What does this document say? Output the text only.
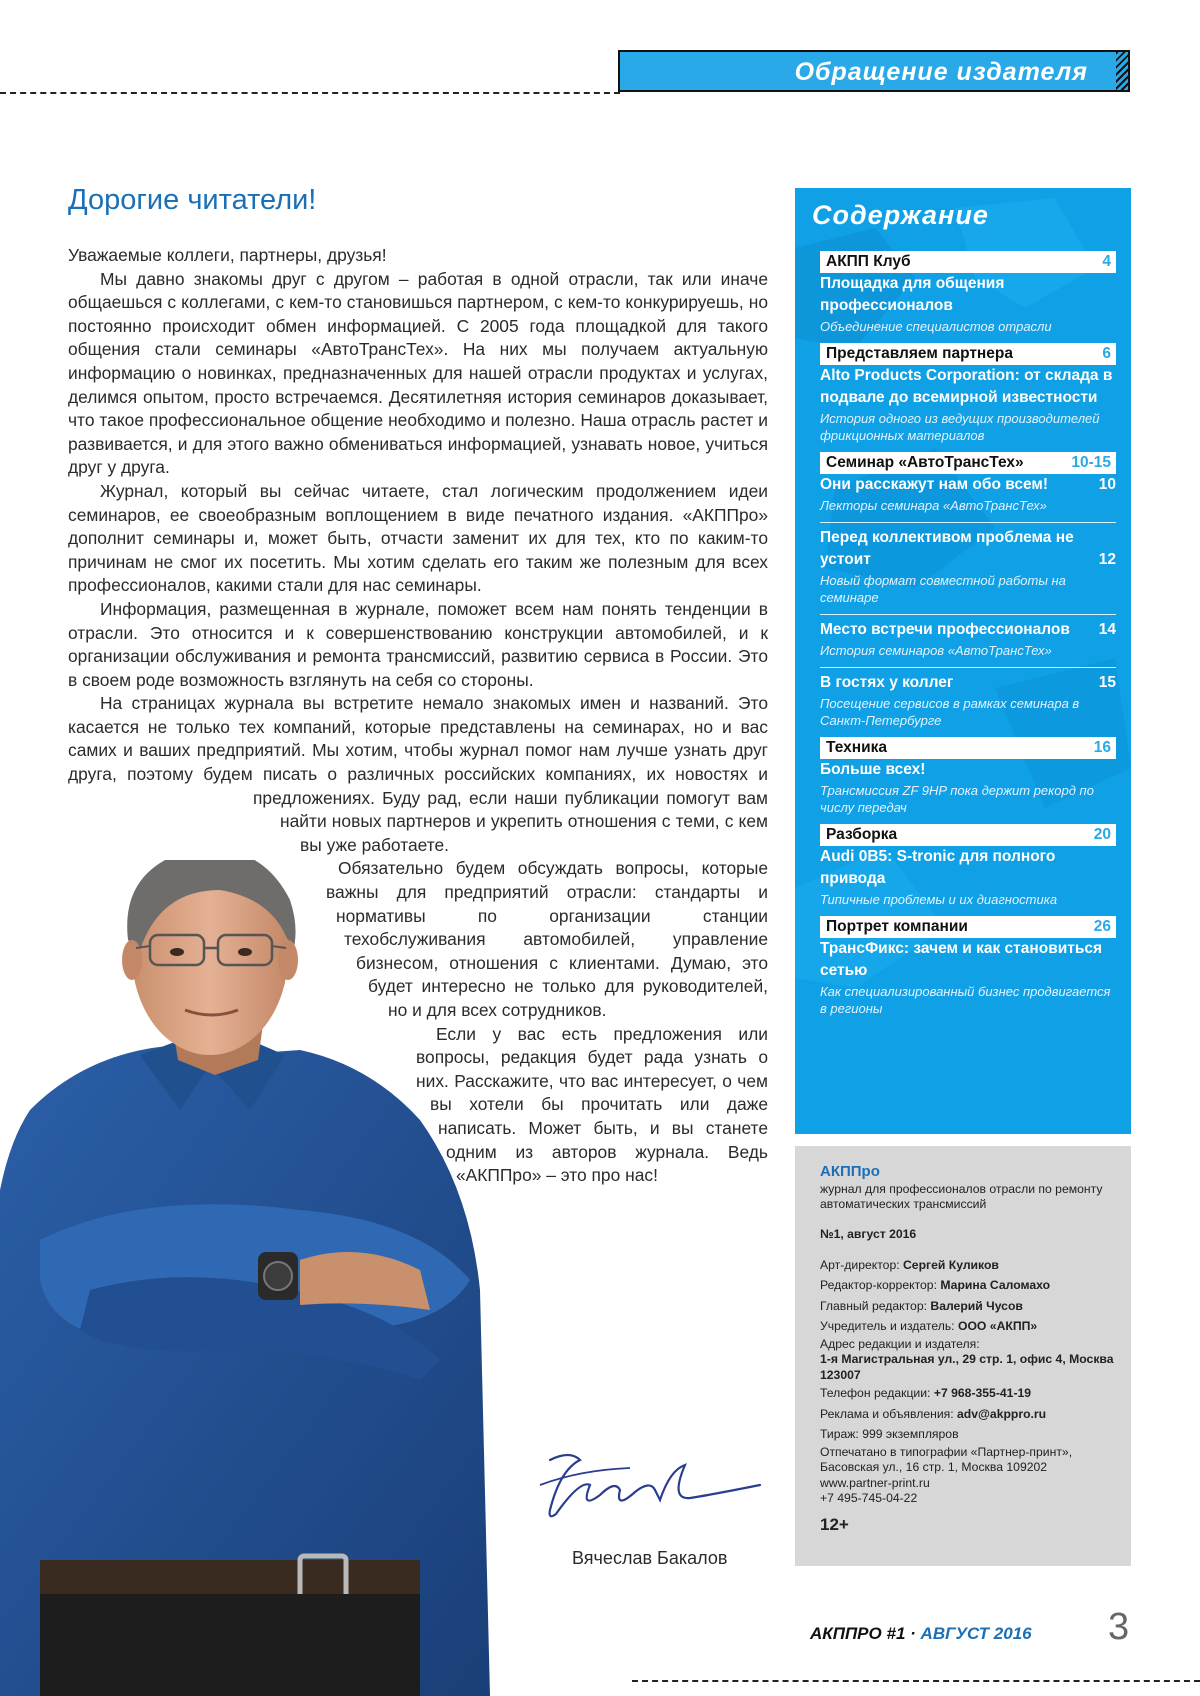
Обращение издателя
Дорогие читатели!

Уважаемые коллеги, партнеры, друзья!

Мы давно знакомы друг с другом – работая в одной отрасли, так или иначе общаешься с коллегами, с кем-то становишься партнером, с кем-то конкурируешь, но постоянно происходит обмен информацией. С 2005 года площадкой для такого общения стали семинары «АвтоТрансТех». На них мы получаем актуальную информацию о новинках, предназначенных для нашей отрасли продуктах и услугах, делимся опытом, просто встречаемся. Десятилетняя история семинаров доказывает, что такое профессиональное общение необходимо и полезно. Наша отрасль растет и развивается, и для этого важно обмениваться информацией, узнавать новое, учиться друг у друга.

Журнал, который вы сейчас читаете, стал логическим продолжением идеи семинаров, ее своеобразным воплощением в виде печатного издания. «АКППро» дополнит семинары и, может быть, отчасти заменит их для тех, кто по каким-то причинам не смог их посетить. Мы хотим сделать его таким же полезным для всех профессионалов, какими стали для нас семинары.

Информация, размещенная в журнале, поможет всем нам понять тенденции в отрасли. Это относится и к совершенствованию конструкции автомобилей, и к организации обслуживания и ремонта трансмиссий, развитию сервиса в России. Это в своем роде возможность взглянуть на себя со стороны.

На страницах журнала вы встретите немало знакомых имен и названий. Это касается не только тех компаний, которые представлены на семинарах, но и вас самих и ваших предприятий. Мы хотим, чтобы журнал помог нам лучше узнать друг друга, поэтому будем писать о различных российских компаниях, их новостях и предложениях. Буду рад, если наши публикации помогут вам найти новых партнеров и укрепить отношения с теми, с кем вы уже работаете.

Обязательно будем обсуждать вопросы, которые важны для предприятий отрасли: стандарты и нормативы по организации станции техобслуживания автомобилей, управление бизнесом, отношения с клиентами. Думаю, это будет интересно не только для руководителей, но и для всех сотрудников.

Если у вас есть предложения или вопросы, редакция будет рада узнать о них. Расскажите, что вас интересует, о чем вы хотели бы прочитать или даже написать. Может быть, и вы станете одним из авторов журнала. Ведь «АКППро» – это про нас!

Вячеслав Бакалов
Содержание
АКПП Клуб	4
Площадка для общения профессионалов
Объединение специалистов отрасли
Представляем партнера	6
Alto Products Corporation: от склада в подвале до всемирной известности
История одного из ведущих производителей фрикционных материалов
Семинар «АвтоТрансТех»	10-15
Они расскажут нам обо всем!	10
Лекторы семинара «АвтоТрансТех»
Перед коллективом проблема не устоит	12
Новый формат совместной работы на семинаре
Место встречи профессионалов 14
История семинаров «АвтоТрансТех»
В гостях у коллег	15
Посещение сервисов в рамках семинара в Санкт-Петербурге
Техника	16
Больше всех!
Трансмиссия ZF 9HP пока держит рекорд по числу передач
Разборка	20
Audi 0B5: S-tronic для полного привода
Типичные проблемы и их диагностика
Портрет компании	26
ТрансФикс: зачем и как становиться сетью
Как специализированный бизнес продвигается в регионы
АКППро
журнал для профессионалов отрасли по ремонту автоматических трансмиссий
№1, август 2016
Арт-директор: Сергей Куликов
Редактор-корректор: Марина Саломахо
Главный редактор: Валерий Чусов
Учредитель и издатель: ООО «АКПП»
Адрес редакции и издателя:
1-я Магистральная ул., 29 стр. 1, офис 4, Москва 123007
Телефон редакции: +7 968-355-41-19
Реклама и объявления: adv@akppro.ru
Тираж: 999 экземпляров
Отпечатано в типографии «Партнер-принт», Басовская ул., 16 стр. 1, Москва 109202
www.partner-print.ru
+7 495-745-04-22
12+
АКППРО #1 · АВГУСТ 2016 3
